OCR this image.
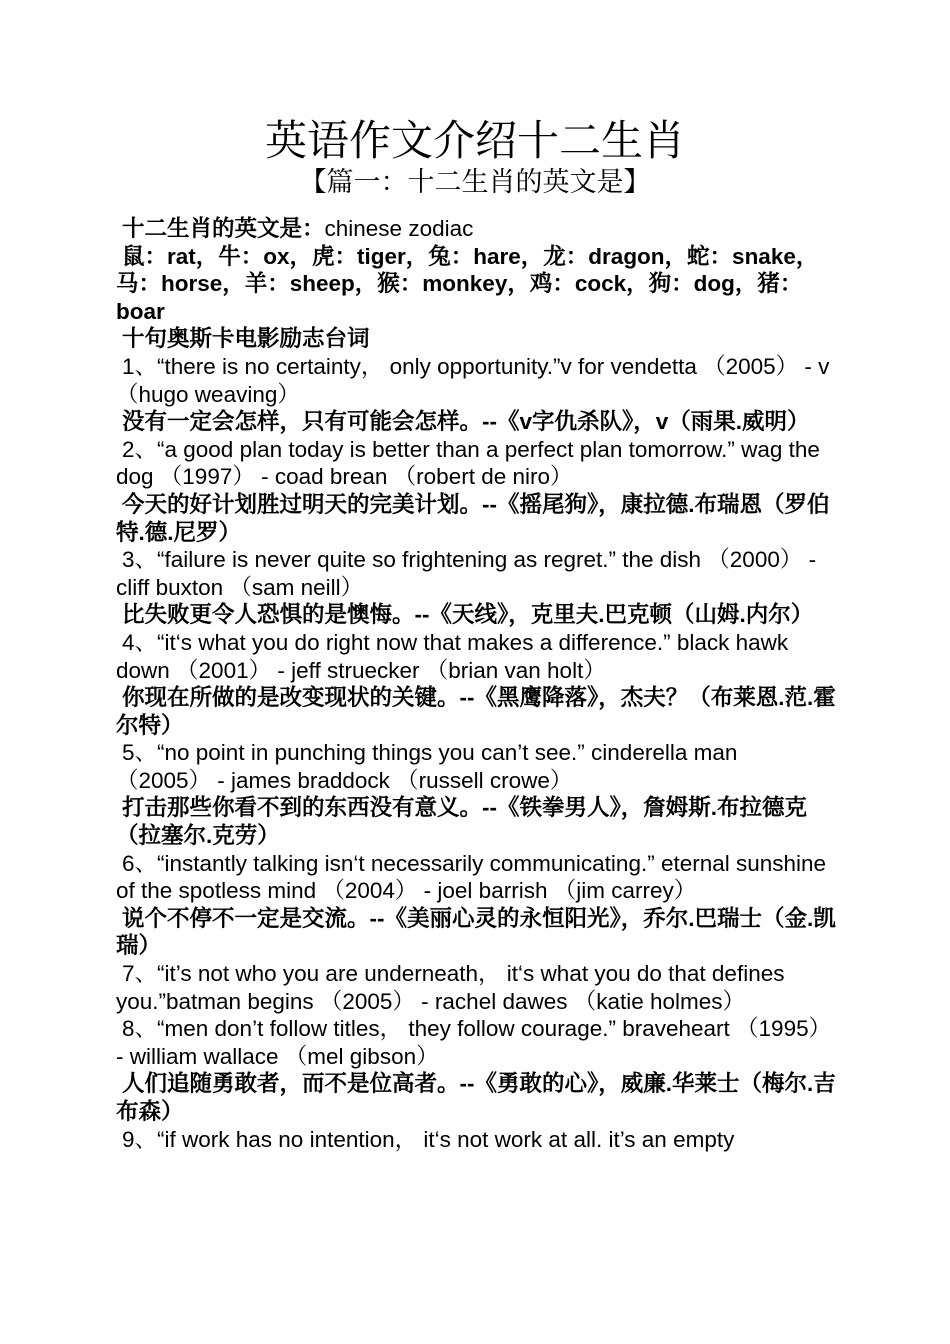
英语作文介绍十二生肖
【篇一：十二生肖的英文是】

十二生肖的英文是：chinese zodiac

鼠：rat，牛：ox，虎：tiger，兔：hare，龙：dragon，蛇：snake，马：horse，羊：sheep，猴：monkey，鸡：cock，狗：dog，猪：boar

十句奥斯卡电影励志台词

1、“there is no certainty， only opportunity.”v for vendetta （2005） - v （hugo weaving）

没有一定会怎样，只有可能会怎样。--《v字仇杀队》，v（雨果.威明）

2、“a good plan today is better than a perfect plan tomorrow.” wag the dog （1997） - coad brean （robert de niro）

今天的好计划胜过明天的完美计划。--《摇尾狗》，康拉德.布瑞恩（罗伯特.德.尼罗）

3、“failure is never quite so frightening as regret.” the dish （2000） - cliff buxton （sam neill）

比失败更令人恐惧的是懊悔。--《天线》，克里夫.巴克顿（山姆.内尔）

4、“it‘s what you do right now that makes a difference.” black hawk down （2001） - jeff struecker （brian van holt）

你现在所做的是改变现状的关键。--《黑鹰降落》，杰夫？（布莱恩.范.霍尔特）

5、“no point in punching things you can’t see.” cinderella man （2005） - james braddock （russell crowe）

打击那些你看不到的东西没有意义。--《铁拳男人》，詹姆斯.布拉德克（拉塞尔.克劳）

6、“instantly talking isn‘t necessarily communicating.” eternal sunshine of the spotless mind （2004） - joel barrish （jim carrey）

说个不停不一定是交流。--《美丽心灵的永恒阳光》，乔尔.巴瑞士（金.凯瑞）

7、“it’s not who you are underneath， it‘s what you do that defines you.”batman begins （2005） - rachel dawes （katie holmes）

8、“men don’t follow titles， they follow courage.” braveheart （1995） - william wallace （mel gibson）

人们追随勇敢者，而不是位高者。--《勇敢的心》，威廉.华莱士（梅尔.吉布森）

9、“if work has no intention， it‘s not work at all. it’s an empty
